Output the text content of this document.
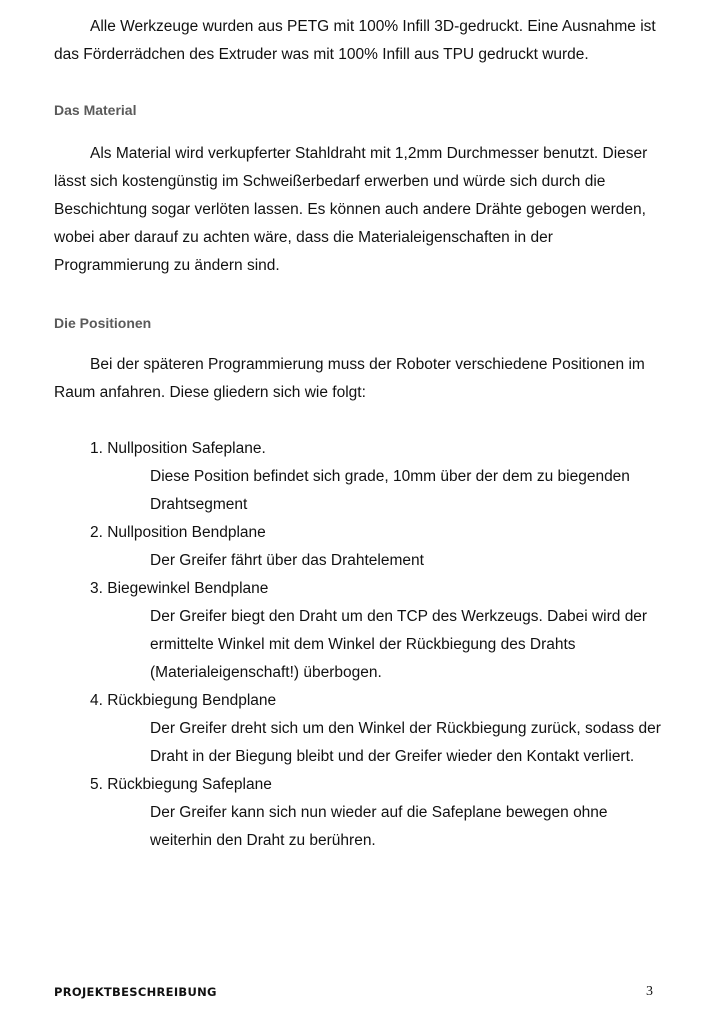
Alle Werkzeuge wurden aus PETG mit 100% Infill 3D-gedruckt. Eine Ausnahme ist das Förderrädchen des Extruder was mit 100% Infill aus TPU gedruckt wurde.

Das Material

Als Material wird verkupferter Stahldraht mit 1,2mm Durchmesser benutzt. Dieser lässt sich kostengünstig im Schweißerbedarf erwerben und würde sich durch die Beschichtung sogar verlöten lassen. Es können auch andere Drähte gebogen werden, wobei aber darauf zu achten wäre, dass die Materialeigenschaften in der Programmierung zu ändern sind.

Die Positionen

Bei der späteren Programmierung muss der Roboter verschiedene Positionen im Raum anfahren. Diese gliedern sich wie folgt:

1. Nullposition Safeplane.

Diese Position befindet sich grade, 10mm über der dem zu biegenden Drahtsegment

2. Nullposition Bendplane

Der Greifer fährt über das Drahtelement

3. Biegewinkel Bendplane

Der Greifer biegt den Draht um den TCP des Werkzeugs. Dabei wird der ermittelte Winkel mit dem Winkel der Rückbiegung des Drahts (Materialeigenschaft!) überbogen.

4. Rückbiegung Bendplane

Der Greifer dreht sich um den Winkel der Rückbiegung zurück, sodass der Draht in der Biegung bleibt und der Greifer wieder den Kontakt verliert.

5. Rückbiegung Safeplane

Der Greifer kann sich nun wieder auf die Safeplane bewegen ohne weiterhin den Draht zu berühren.

PROJEKTBESCHREIBUNG	3
